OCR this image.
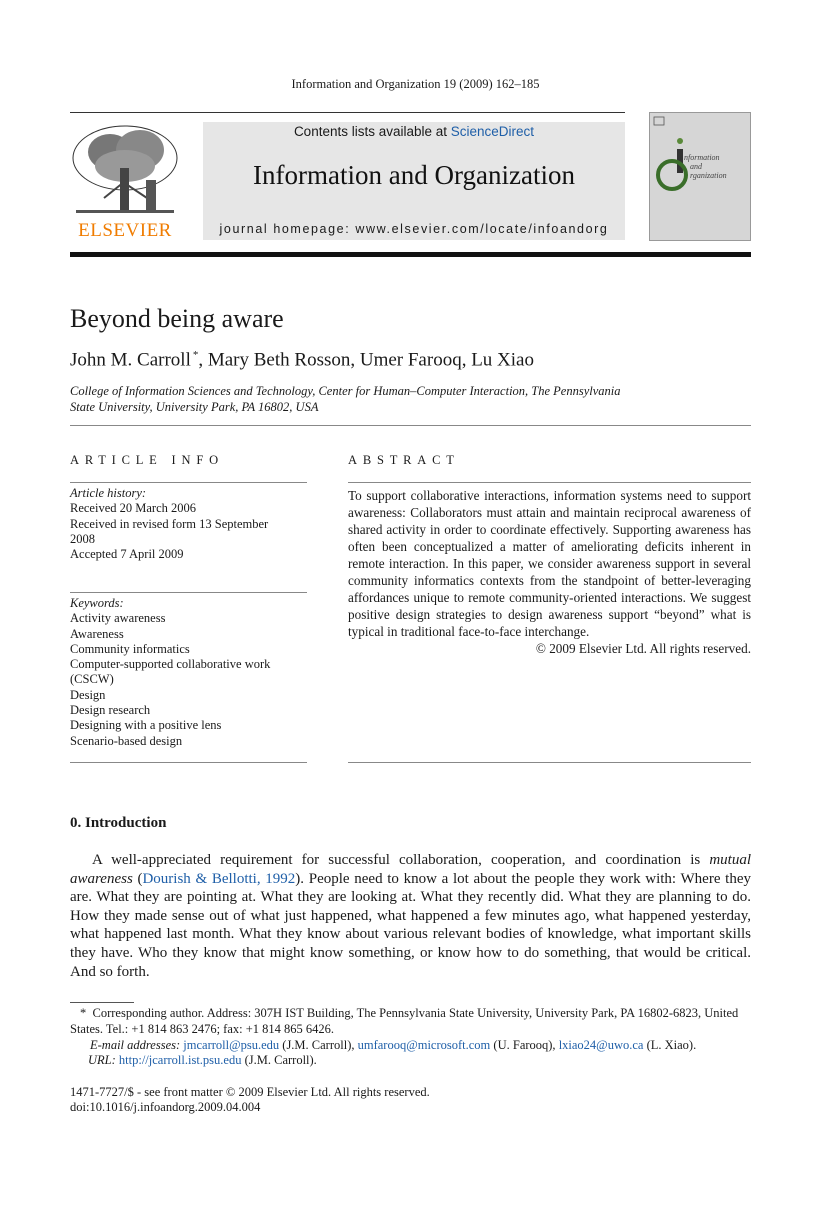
Information and Organization 19 (2009) 162–185
ELSEVIER
Contents lists available at ScienceDirect
Information and Organization
journal homepage: www.elsevier.com/locate/infoandorg
nformation
and
rganization
Beyond being aware
John M. Carroll *, Mary Beth Rosson, Umer Farooq, Lu Xiao
College of Information Sciences and Technology, Center for Human–Computer Interaction, The Pennsylvania State University, University Park, PA 16802, USA
ARTICLE INFO
Article history:
Received 20 March 2006
Received in revised form 13 September
2008
Accepted 7 April 2009
Keywords:
Activity awareness
Awareness
Community informatics
Computer-supported collaborative work
(CSCW)
Design
Design research
Designing with a positive lens
Scenario-based design
ABSTRACT
To support collaborative interactions, information systems need to support awareness: Collaborators must attain and maintain reciprocal awareness of shared activity in order to coordinate effectively. Supporting awareness has often been conceptualized a matter of ameliorating deficits inherent in remote interaction. In this paper, we consider awareness support in several community informatics contexts from the standpoint of better-leveraging affordances unique to remote community-oriented interactions. We suggest positive design strategies to design awareness support “beyond” what is typical in traditional face-to-face interchange.
© 2009 Elsevier Ltd. All rights reserved.
0. Introduction
A well-appreciated requirement for successful collaboration, cooperation, and coordination is mutual awareness (Dourish & Bellotti, 1992). People need to know a lot about the people they work with: Where they are. What they are pointing at. What they are looking at. What they recently did. What they are planning to do. How they made sense out of what just happened, what happened a few minutes ago, what happened yesterday, what happened last month. What they know about various relevant bodies of knowledge, what important skills they have. Who they know that might know something, or know how to do something, that would be critical. And so forth.
* Corresponding author. Address: 307H IST Building, The Pennsylvania State University, University Park, PA 16802-6823, United States. Tel.: +1 814 863 2476; fax: +1 814 865 6426.
E-mail addresses: jmcarroll@psu.edu (J.M. Carroll), umfarooq@microsoft.com (U. Farooq), lxiao24@uwo.ca (L. Xiao).
URL: http://jcarroll.ist.psu.edu (J.M. Carroll).
1471-7727/$ - see front matter © 2009 Elsevier Ltd. All rights reserved.
doi:10.1016/j.infoandorg.2009.04.004
